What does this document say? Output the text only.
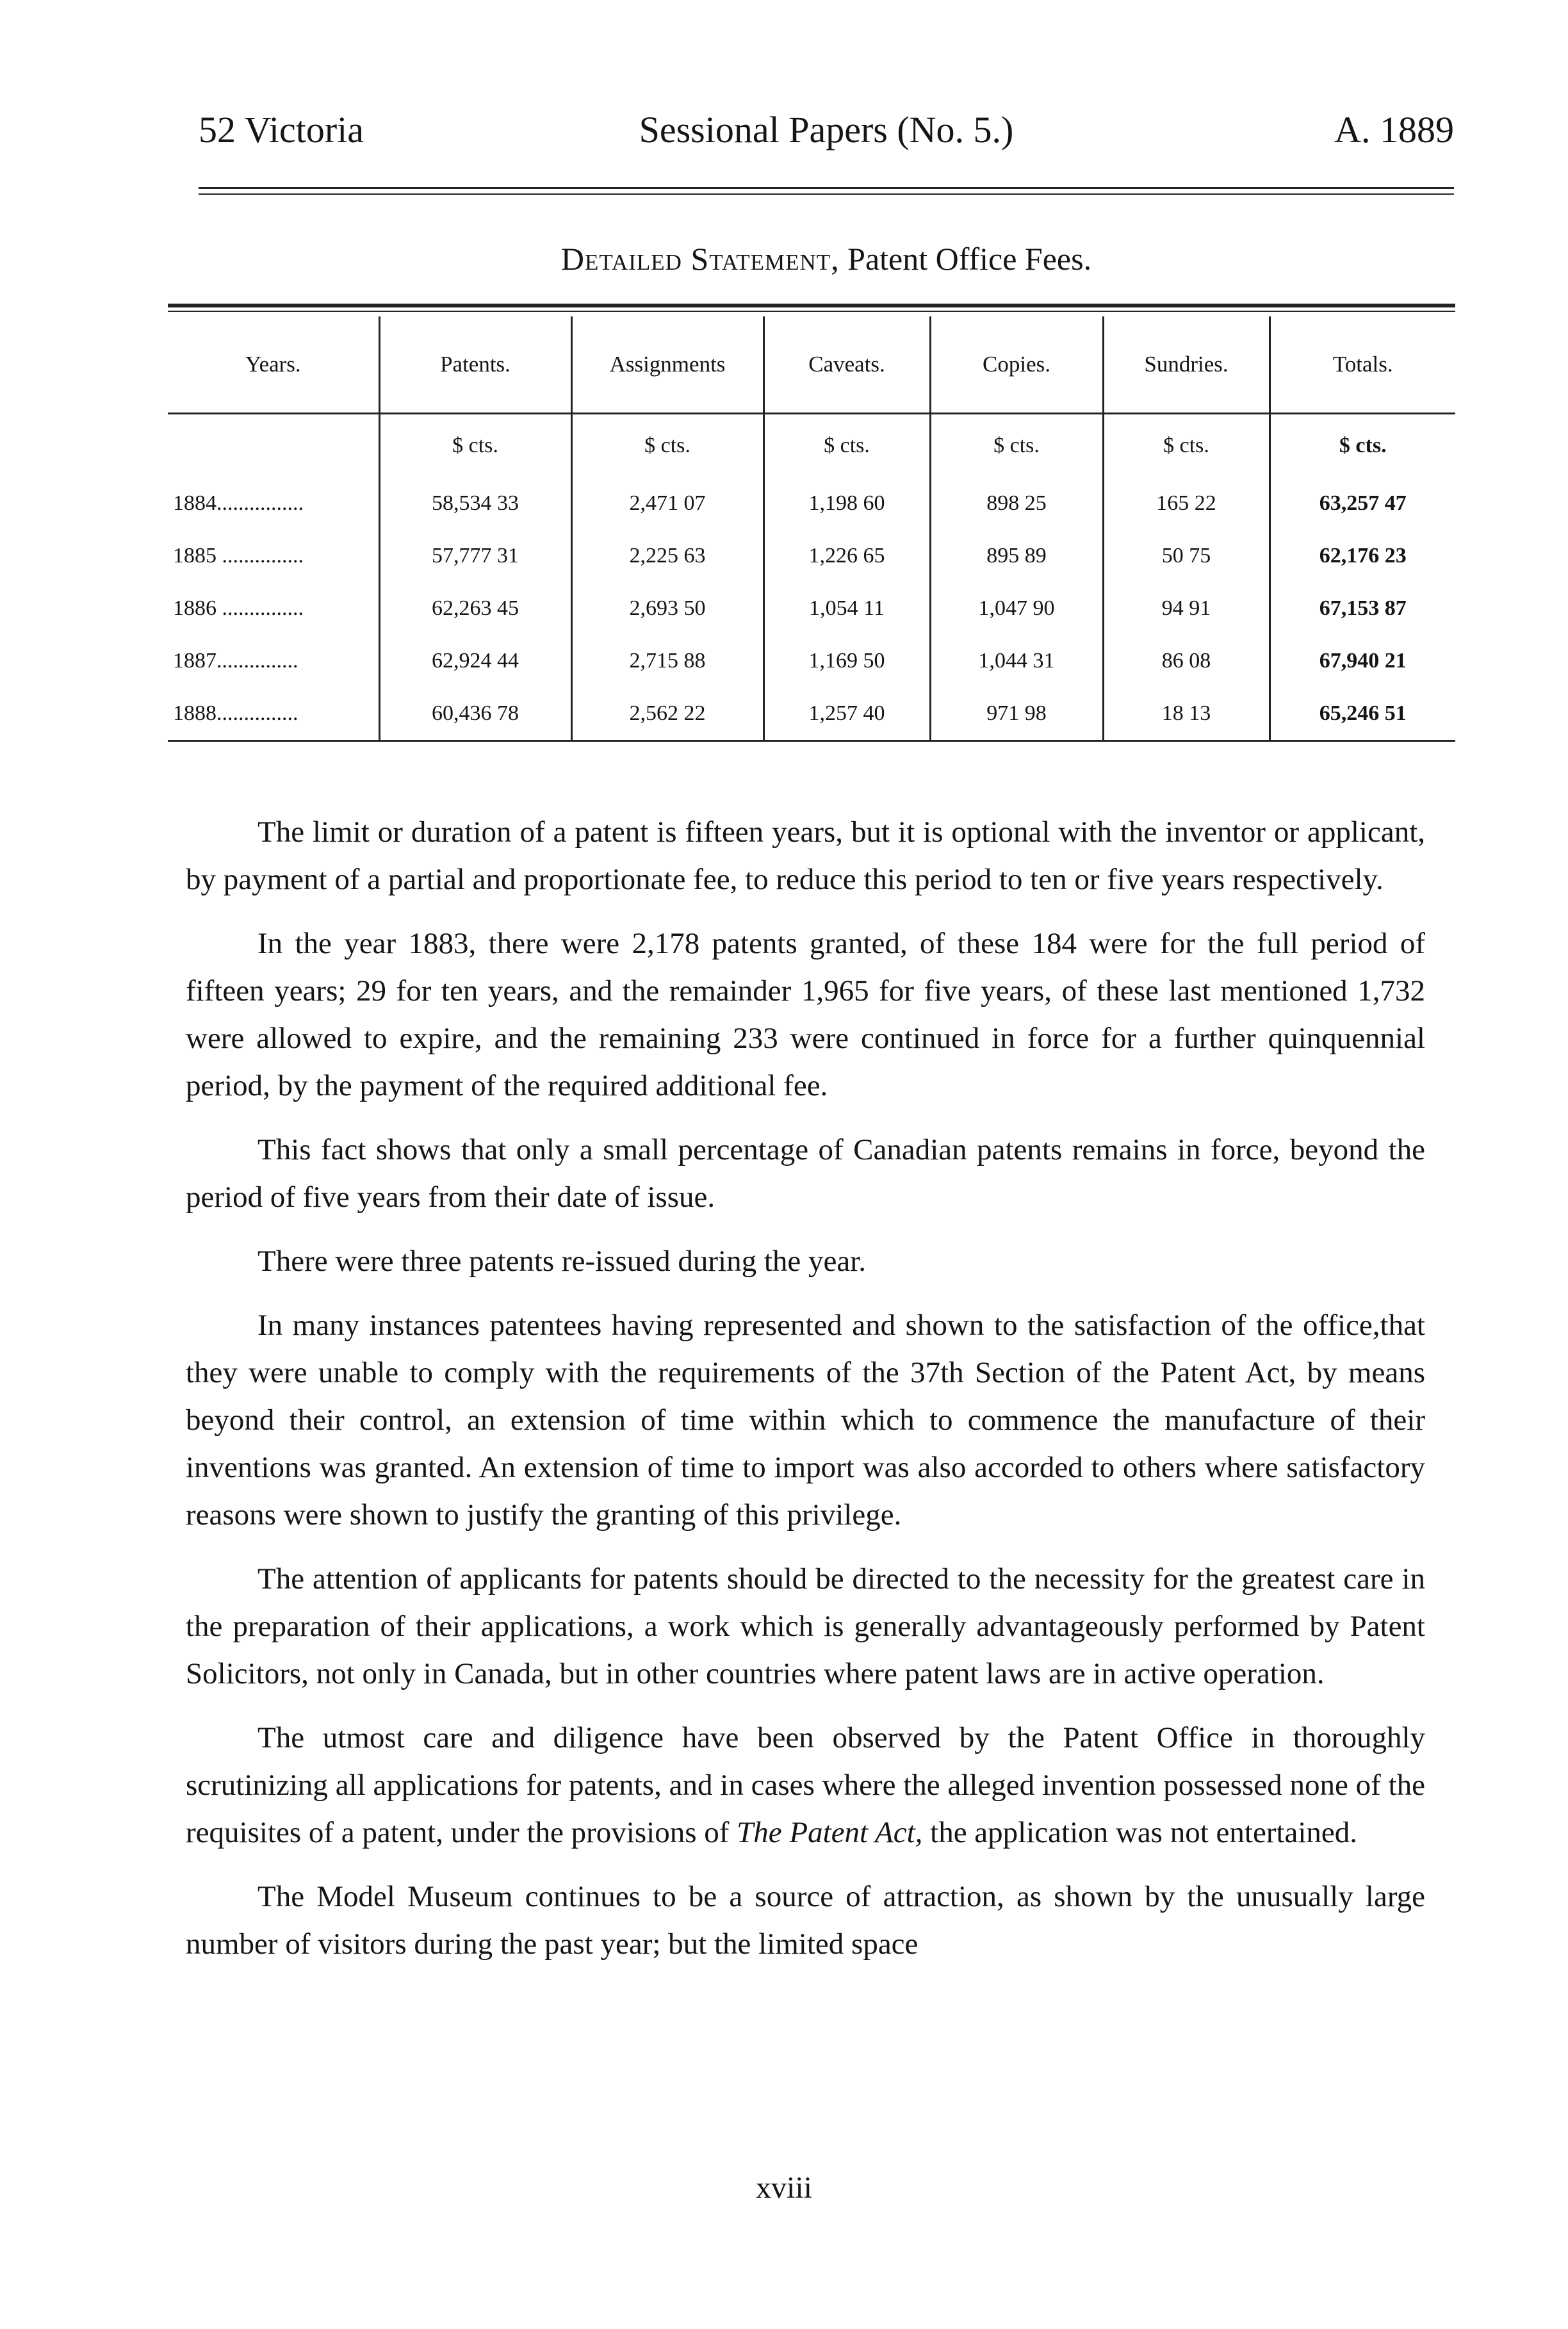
52 Victoria	Sessional Papers (No. 5.)	A. 1889
Detailed Statement, Patent Office Fees.
Years.	Patents.	Assignments	Caveats.	Copies.	Sundries.	Totals.
	$ cts.	$ cts.	$ cts.	$ cts.	$ cts.	$ cts.
1884................	58,534 33	2,471 07	1,198 60	898 25	165 22	63,257 47
1885 ...............	57,777 31	2,225 63	1,226 65	895 89	50 75	62,176 23
1886 ...............	62,263 45	2,693 50	1,054 11	1,047 90	94 91	67,153 87
1887...............	62,924 44	2,715 88	1,169 50	1,044 31	86 08	67,940 21
1888...............	60,436 78	2,562 22	1,257 40	971 98	18 13	65,246 51

The limit or duration of a patent is fifteen years, but it is optional with the inventor or applicant, by payment of a partial and proportionate fee, to reduce this period to ten or five years respectively.

In the year 1883, there were 2,178 patents granted, of these 184 were for the full period of fifteen years; 29 for ten years, and the remainder 1,965 for five years, of these last mentioned 1,732 were allowed to expire, and the remaining 233 were continued in force for a further quinquennial period, by the payment of the required additional fee.

This fact shows that only a small percentage of Canadian patents remains in force, beyond the period of five years from their date of issue.

There were three patents re-issued during the year.

In many instances patentees having represented and shown to the satisfaction of the office,that they were unable to comply with the requirements of the 37th Section of the Patent Act, by means beyond their control, an extension of time within which to commence the manufacture of their inventions was granted. An extension of time to import was also accorded to others where satisfactory reasons were shown to justify the granting of this privilege.

The attention of applicants for patents should be directed to the necessity for the greatest care in the preparation of their applications, a work which is generally advantageously performed by Patent Solicitors, not only in Canada, but in other countries where patent laws are in active operation.

The utmost care and diligence have been observed by the Patent Office in thoroughly scrutinizing all applications for patents, and in cases where the alleged invention possessed none of the requisites of a patent, under the provisions of The Patent Act, the application was not entertained.

The Model Museum continues to be a source of attraction, as shown by the unusually large number of visitors during the past year; but the limited space

xviii
